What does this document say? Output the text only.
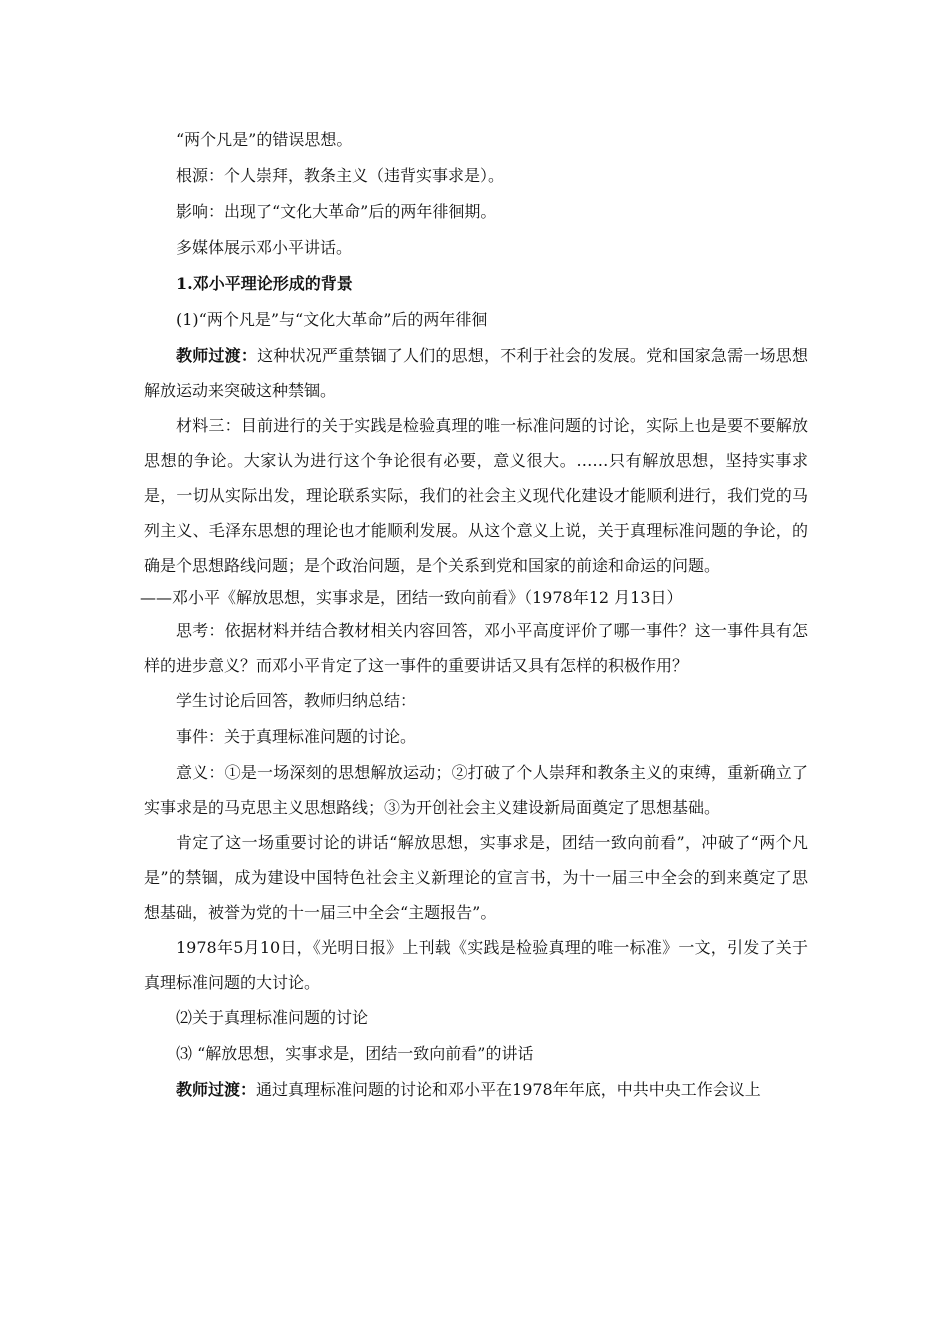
“两个凡是”的错误思想。

根源：个人崇拜，教条主义（违背实事求是）。

影响：出现了“文化大革命”后的两年徘徊期。

多媒体展示邓小平讲话。

1.邓小平理论形成的背景

(1)“两个凡是”与“文化大革命”后的两年徘徊

教师过渡：这种状况严重禁锢了人们的思想，不利于社会的发展。党和国家急需一场思想解放运动来突破这种禁锢。

材料三：目前进行的关于实践是检验真理的唯一标准问题的讨论，实际上也是要不要解放思想的争论。大家认为进行这个争论很有必要，意义很大。……只有解放思想，坚持实事求是，一切从实际出发，理论联系实际，我们的社会主义现代化建设才能顺利进行，我们党的马列主义、毛泽东思想的理论也才能顺利发展。从这个意义上说，关于真理标准问题的争论，的确是个思想路线问题；是个政治问题，是个关系到党和国家的前途和命运的问题。

——邓小平《解放思想，实事求是，团结一致向前看》（1978年12 月13日）

思考：依据材料并结合教材相关内容回答，邓小平高度评价了哪一事件？这一事件具有怎样的进步意义？而邓小平肯定了这一事件的重要讲话又具有怎样的积极作用？

学生讨论后回答，教师归纳总结：

事件：关于真理标准问题的讨论。

意义：①是一场深刻的思想解放运动；②打破了个人崇拜和教条主义的束缚，重新确立了实事求是的马克思主义思想路线；③为开创社会主义建设新局面奠定了思想基础。

肯定了这一场重要讨论的讲话“解放思想，实事求是，团结一致向前看”，冲破了“两个凡是”的禁锢，成为建设中国特色社会主义新理论的宣言书，为十一届三中全会的到来奠定了思想基础，被誉为党的十一届三中全会“主题报告”。

1978年5月10日，《光明日报》上刊载《实践是检验真理的唯一标准》一文，引发了关于真理标准问题的大讨论。

⑵关于真理标准问题的讨论

⑶ “解放思想，实事求是，团结一致向前看”的讲话

教师过渡：通过真理标准问题的讨论和邓小平在1978年年底，中共中央工作会议上
